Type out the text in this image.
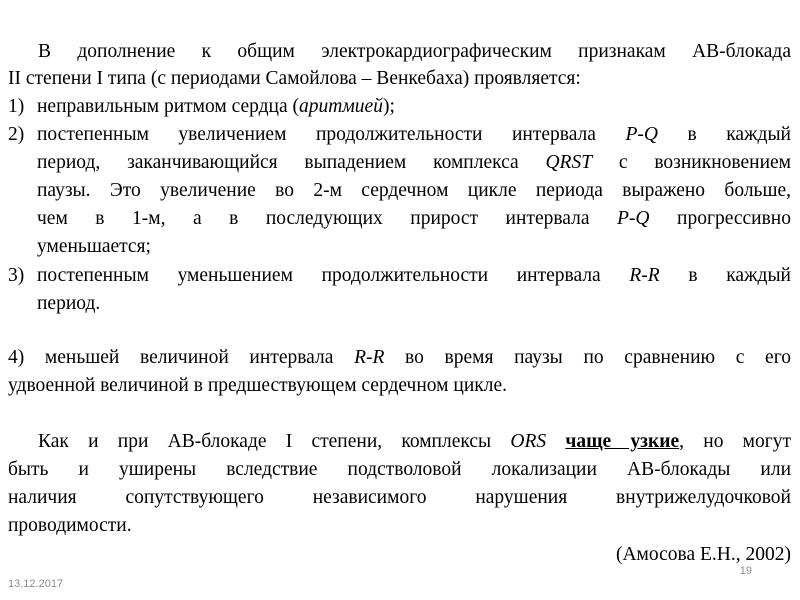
В дополнение к общим электрокардиографическим признакам АВ-блокада
II степени I типа (с периодами Самойлова – Венкебаха) проявляется:
1) неправильным ритмом сердца (аритмией);
2) постепенным увеличением продолжительности интервала P-Q в каждый
период, заканчивающийся выпадением комплекса QRST с возникновением
паузы. Это увеличение во 2-м сердечном цикле периода выражено больше,
чем в 1-м, а в последующих прирост интервала P-Q прогрессивно
уменьшается;
3) постепенным уменьшением продолжительности интервала R-R в каждый
период.
4) меньшей величиной интервала R-R во время паузы по сравнению с его
удвоенной величиной в предшествующем сердечном цикле.
Как и при АВ-блокаде I степени, комплексы ORS чаще узкие, но могут
быть и уширены вследствие подстволовой локализации АВ-блокады или
наличия сопутствующего независимого нарушения внутрижелудочковой
проводимости.
(Амосова Е.Н., 2002)
19
13.12.2017
